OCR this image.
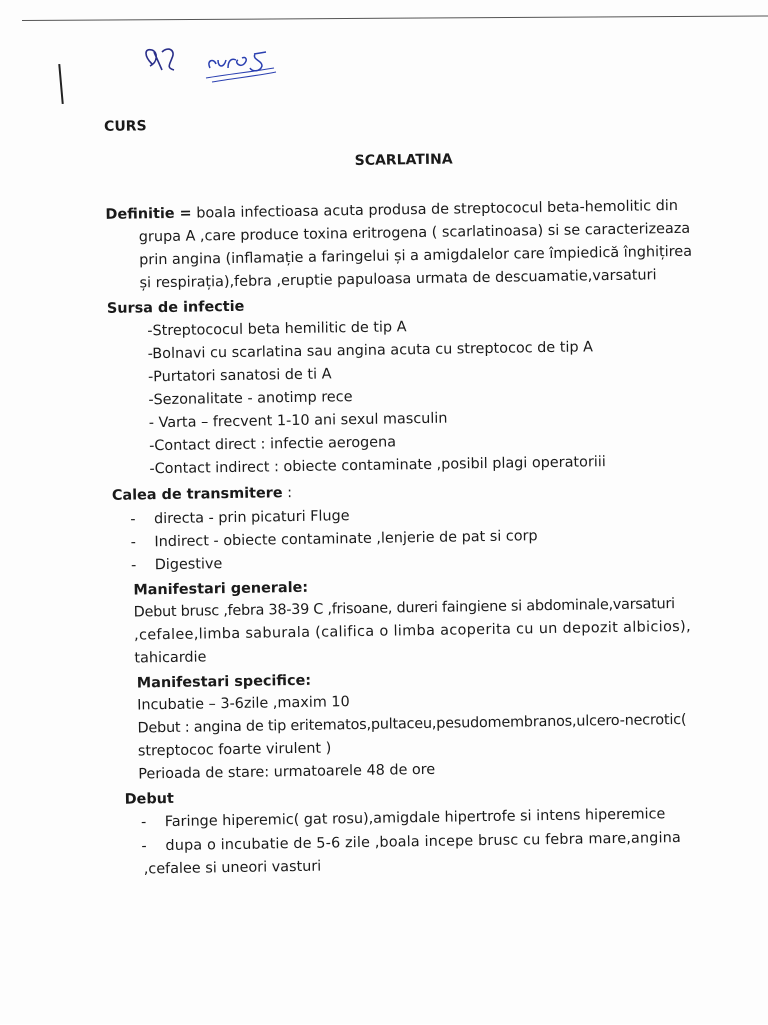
CURS
SCARLATINA
Definitie = boala infectioasa acuta produsa de streptococul beta-hemolitic din
grupa A ,care produce toxina eritrogena ( scarlatinoasa) si se caracterizeaza
prin angina (inflamație a faringelui și a amigdalelor care împiedică înghițirea
și respirația),febra ,eruptie papuloasa urmata de descuamatie,varsaturi
Sursa de infectie
-Streptococul beta hemilitic de tip A
-Bolnavi cu scarlatina sau angina acuta cu streptococ de tip A
-Purtatori sanatosi de ti A
-Sezonalitate - anotimp rece
- Varta – frecvent 1-10 ani sexul masculin
-Contact direct : infectie aerogena
-Contact indirect : obiecte contaminate ,posibil plagi operatoriii
Calea de transmitere :
- directa - prin picaturi Fluge
- Indirect - obiecte contaminate ,lenjerie de pat si corp
- Digestive
Manifestari generale:
Debut brusc ,febra 38-39 C ,frisoane, dureri faingiene si abdominale,varsaturi
,cefalee,limba saburala (califica o limba acoperita cu un depozit albicios),
tahicardie
Manifestari specifice:
Incubatie – 3-6zile ,maxim 10
Debut : angina de tip eritematos,pultaceu,pesudomembranos,ulcero-necrotic(
streptococ foarte virulent )
Perioada de stare: urmatoarele 48 de ore
Debut
- Faringe hiperemic( gat rosu),amigdale hipertrofe si intens hiperemice
- dupa o incubatie de 5-6 zile ,boala incepe brusc cu febra mare,angina
,cefalee si uneori vasturi
